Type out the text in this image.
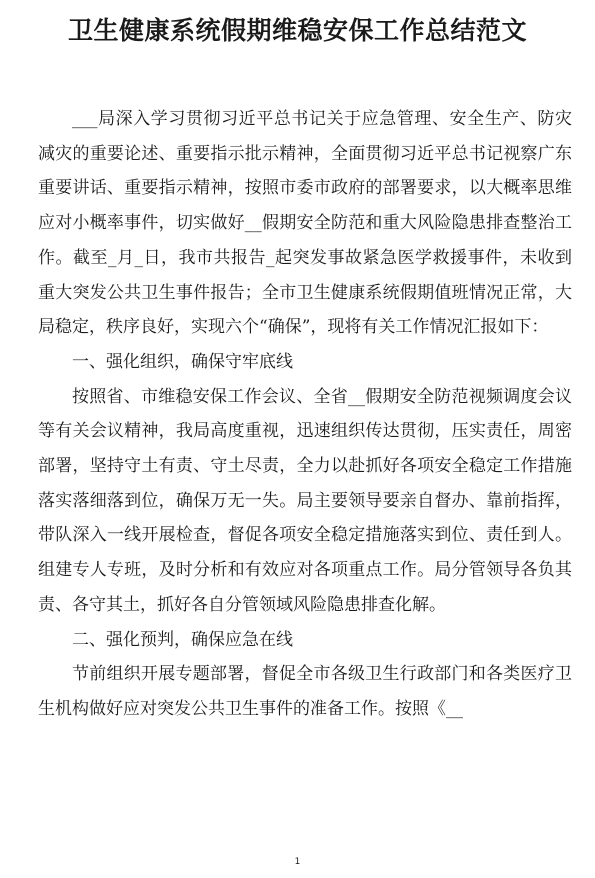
卫生健康系统假期维稳安保工作总结范文

___局深入学习贯彻习近平总书记关于应急管理、安全生产、防灾减灾的重要论述、重要指示批示精神，全面贯彻习近平总书记视察广东重要讲话、重要指示精神，按照市委市政府的部署要求，以大概率思维应对小概率事件，切实做好__假期安全防范和重大风险隐患排查整治工作。截至_月_日，我市共报告_起突发事故紧急医学救援事件，未收到重大突发公共卫生事件报告；全市卫生健康系统假期值班情况正常，大局稳定，秩序良好，实现六个“确保”，现将有关工作情况汇报如下：

一、强化组织，确保守牢底线

按照省、市维稳安保工作会议、全省__假期安全防范视频调度会议等有关会议精神，我局高度重视，迅速组织传达贯彻，压实责任，周密部署，坚持守土有责、守土尽责，全力以赴抓好各项安全稳定工作措施落实落细落到位，确保万无一失。局主要领导要亲自督办、靠前指挥，带队深入一线开展检查，督促各项安全稳定措施落实到位、责任到人。组建专人专班，及时分析和有效应对各项重点工作。局分管领导各负其责、各守其土，抓好各自分管领域风险隐患排查化解。

二、强化预判，确保应急在线

节前组织开展专题部署，督促全市各级卫生行政部门和各类医疗卫生机构做好应对突发公共卫生事件的准备工作。按照《__

1
